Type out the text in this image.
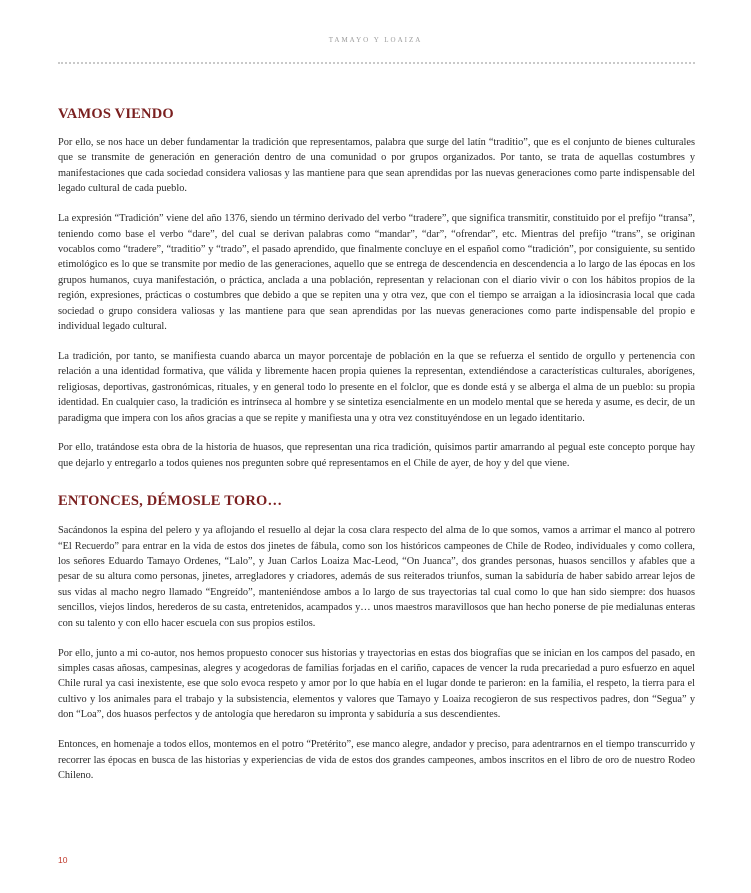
TAMAYO Y LOAIZA
VAMOS VIENDO

Por ello, se nos hace un deber fundamentar la tradición que representamos, palabra que surge del latín “traditio”, que es el conjunto de bienes culturales que se transmite de generación en generación dentro de una comunidad o por grupos organizados. Por tanto, se trata de aquellas costumbres y manifestaciones que cada sociedad considera valiosas y las mantiene para que sean aprendidas por las nuevas generaciones como parte indispensable del legado cultural de cada pueblo.

La expresión “Tradición” viene del año 1376, siendo un término derivado del verbo “tradere”, que significa transmitir, constituido por el prefijo “transa”, teniendo como base el verbo “dare”, del cual se derivan palabras como “mandar”, “dar”, “ofrendar”, etc. Mientras del prefijo “trans”, se originan vocablos como “tradere”, “traditio” y “trado”, el pasado aprendido, que finalmente concluye en el español como “tradición”, por consiguiente, su sentido etimológico es lo que se transmite por medio de las generaciones, aquello que se entrega de descendencia en descendencia a lo largo de las épocas en los grupos humanos, cuya manifestación, o práctica, anclada a una población, representan y relacionan con el diario vivir o con los hábitos propios de la región, expresiones, prácticas o costumbres que debido a que se repiten una y otra vez, que con el tiempo se arraigan a la idiosincrasia local que cada sociedad o grupo considera valiosas y las mantiene para que sean aprendidas por las nuevas generaciones como parte indispensable del propio e individual legado cultural.

La tradición, por tanto, se manifiesta cuando abarca un mayor porcentaje de población en la que se refuerza el sentido de orgullo y pertenencia con relación a una identidad formativa, que válida y libremente hacen propia quienes la representan, extendiéndose a características culturales, aborígenes, religiosas, deportivas, gastronómicas, rituales, y en general todo lo presente en el folclor, que es donde está y se alberga el alma de un pueblo: su propia identidad. En cualquier caso, la tradición es intrínseca al hombre y se sintetiza esencialmente en un modelo mental que se hereda y asume, es decir, de un paradigma que impera con los años gracias a que se repite y manifiesta una y otra vez constituyéndose en un legado identitario.

Por ello, tratándose esta obra de la historia de huasos, que representan una rica tradición, quisimos partir amarrando al pegual este concepto porque hay que dejarlo y entregarlo a todos quienes nos pregunten sobre qué representamos en el Chile de ayer, de hoy y del que viene.

ENTONCES, DÉMOSLE TORO…

Sacándonos la espina del pelero y ya aflojando el resuello al dejar la cosa clara respecto del alma de lo que somos, vamos a arrimar el manco al potrero “El Recuerdo” para entrar en la vida de estos dos jinetes de fábula, como son los históricos campeones de Chile de Rodeo, individuales y como collera, los señores Eduardo Tamayo Ordenes, “Lalo”, y Juan Carlos Loaiza Mac-Leod, “On Juanca”, dos grandes personas, huasos sencillos y afables que a pesar de su altura como personas, jinetes, arregladores y criadores, además de sus reiterados triunfos, suman la sabiduría de haber sabido arrear lejos de sus vidas al macho negro llamado “Engreído”, manteniéndose ambos a lo largo de sus trayectorias tal cual como lo que han sido siempre: dos huasos sencillos, viejos lindos, herederos de su casta, entretenidos, acampados y… unos maestros maravillosos que han hecho ponerse de pie medialunas enteras con su talento y con ello hacer escuela con sus propios estilos.

Por ello, junto a mi co-autor, nos hemos propuesto conocer sus historias y trayectorias en estas dos biografías que se inician en los campos del pasado, en simples casas añosas, campesinas, alegres y acogedoras de familias forjadas en el cariño, capaces de vencer la ruda precariedad a puro esfuerzo en aquel Chile rural ya casi inexistente, ese que solo evoca respeto y amor por lo que había en el lugar donde te parieron: en la familia, el respeto, la tierra para el cultivo y los animales para el trabajo y la subsistencia, elementos y valores que Tamayo y Loaiza recogieron de sus respectivos padres, don “Segua” y don “Loa”, dos huasos perfectos y de antología que heredaron su impronta y sabiduría a sus descendientes.

Entonces, en homenaje a todos ellos, montemos en el potro “Pretérito”, ese manco alegre, andador y preciso, para adentrarnos en el tiempo transcurrido y recorrer las épocas en busca de las historias y experiencias de vida de estos dos grandes campeones, ambos inscritos en el libro de oro de nuestro Rodeo Chileno.

10
